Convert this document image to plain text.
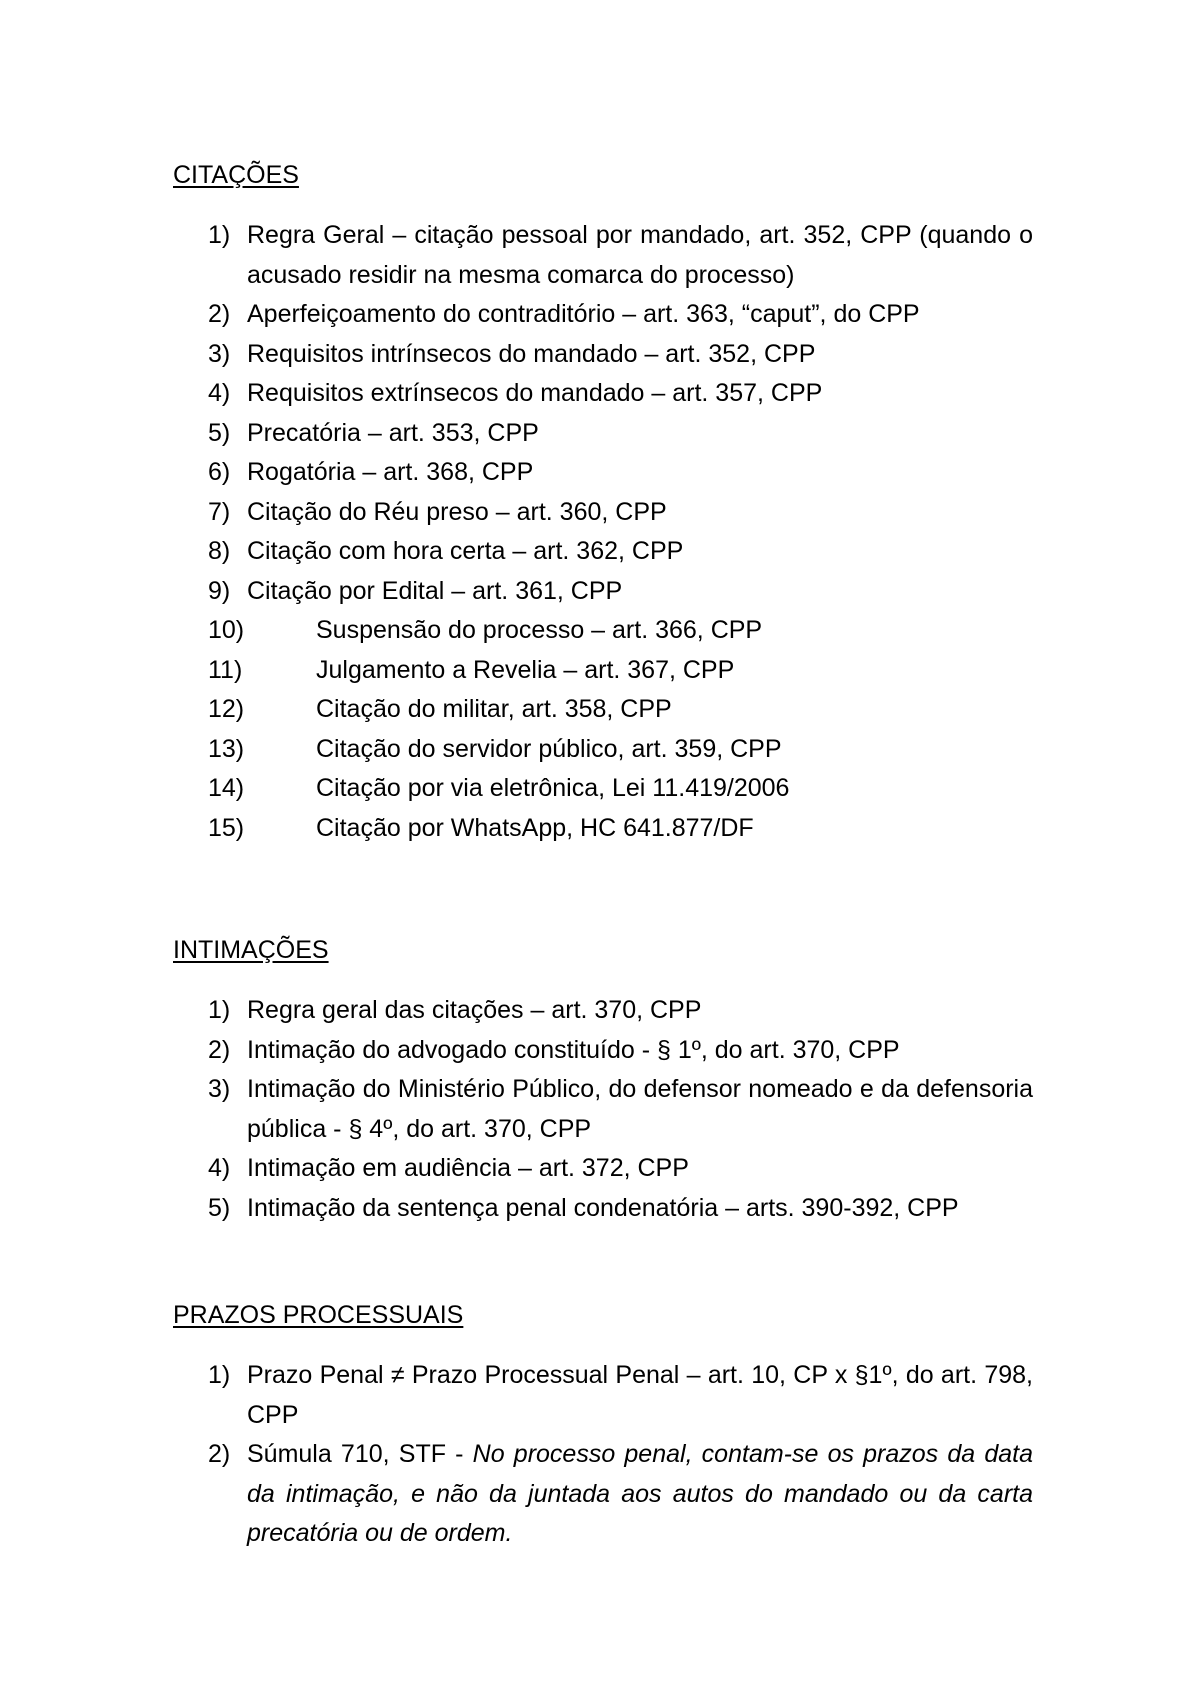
CITAÇÕES

1) Regra Geral – citação pessoal por mandado, art. 352, CPP (quando o acusado residir na mesma comarca do processo)
2) Aperfeiçoamento do contraditório – art. 363, “caput”, do CPP
3) Requisitos intrínsecos do mandado – art. 352, CPP
4) Requisitos extrínsecos do mandado – art. 357, CPP
5) Precatória – art. 353, CPP
6) Rogatória – art. 368, CPP
7) Citação do Réu preso – art. 360, CPP
8) Citação com hora certa – art. 362, CPP
9) Citação por Edital – art. 361, CPP
10)	Suspensão do processo – art. 366, CPP
11)	Julgamento a Revelia – art. 367, CPP
12)	Citação do militar, art. 358, CPP
13)	Citação do servidor público, art. 359, CPP
14)	Citação por via eletrônica, Lei 11.419/2006
15)	Citação por WhatsApp, HC 641.877/DF

INTIMAÇÕES

1) Regra geral das citações – art. 370, CPP
2) Intimação do advogado constituído - § 1º, do art. 370, CPP
3) Intimação do Ministério Público, do defensor nomeado e da defensoria pública - § 4º, do art. 370, CPP
4) Intimação em audiência – art. 372, CPP
5) Intimação da sentença penal condenatória – arts. 390-392, CPP

PRAZOS PROCESSUAIS

1) Prazo Penal ≠ Prazo Processual Penal – art. 10, CP x §1º, do art. 798, CPP
2) Súmula 710, STF - No processo penal, contam-se os prazos da data da intimação, e não da juntada aos autos do mandado ou da carta precatória ou de ordem.
